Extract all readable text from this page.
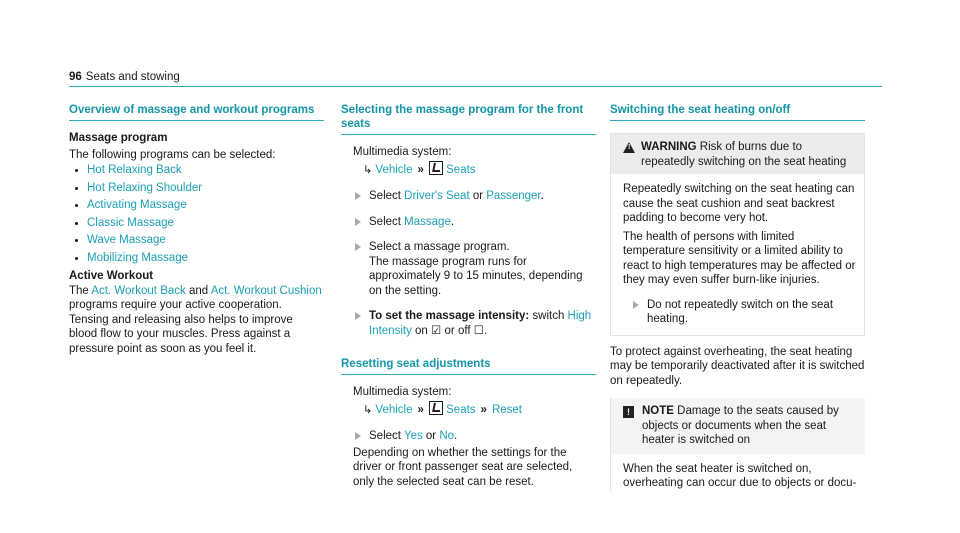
96 Seats and stowing
Overview of massage and workout programs
Massage program

The following programs can be selected:

Hot Relaxing Back
Hot Relaxing Shoulder
Activating Massage
Classic Massage
Wave Massage
Mobilizing Massage
Active Workout

The Act. Workout Back and Act. Workout Cushion programs require your active cooperation. Tensing and releasing also helps to improve blood flow to your muscles. Press against a pressure point as soon as you feel it.

Selecting the massage program for the front seats

Multimedia system:

↳ Vehicle » Seats

Select Driver's Seat or Passenger.

Select Massage.

Select a massage program.
The massage program runs for approximately 9 to 15 minutes, depending on the setting.

To set the massage intensity: switch High Intensity on ☑ or off ☐.

Resetting seat adjustments

Multimedia system:

↳ Vehicle » Seats » Reset

Select Yes or No.

Depending on whether the settings for the driver or front passenger seat are selected, only the selected seat can be reset.

Switching the seat heating on/off
! WARNING Risk of burns due to repeatedly switching on the seat heating

Repeatedly switching on the seat heating can cause the seat cushion and seat backrest padding to become very hot.

The health of persons with limited temperature sensitivity or a limited ability to react to high temperatures may be affected or they may even suffer burn-like injuries.

Do not repeatedly switch on the seat heating.

To protect against overheating, the seat heating may be temporarily deactivated after it is switched on repeatedly.

!	NOTE Damage to the seats caused by objects or documents when the seat heater is switched on

When the seat heater is switched on, overheating can occur due to objects or docu-
